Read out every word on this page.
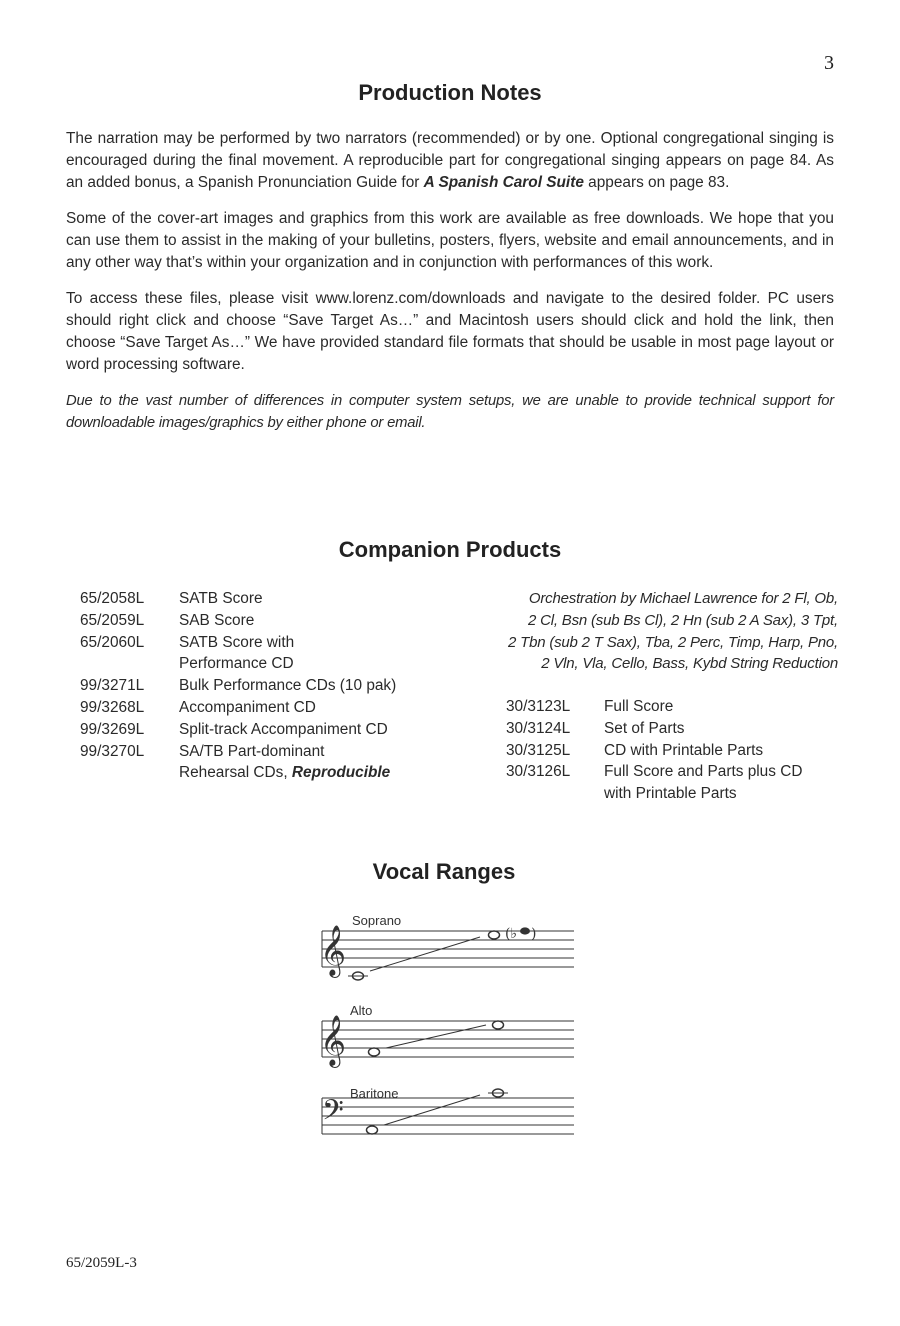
3
Production Notes

The narration may be performed by two narrators (recommended) or by one. Optional congregational singing is encouraged during the final movement. A reproducible part for congregational singing appears on page 84. As an added bonus, a Spanish Pronunciation Guide for A Spanish Carol Suite appears on page 83.

Some of the cover-art images and graphics from this work are available as free downloads. We hope that you can use them to assist in the making of your bulletins, posters, flyers, website and email announcements, and in any other way that’s within your organization and in conjunction with performances of this work.

To access these files, please visit www.lorenz.com/downloads and navigate to the desired folder. PC users should right click and choose “Save Target As…” and Macintosh users should click and hold the link, then choose “Save Target As…” We have provided standard file formats that should be usable in most page layout or word processing software.

Due to the vast number of differences in computer system setups, we are unable to provide technical support for downloadable images/graphics by either phone or email.

Companion Products
65/2058L	SATB Score
65/2059L	SAB Score
65/2060L	SATB Score with
Performance CD
99/3271L	Bulk Performance CDs (10 pak)
99/3268L	Accompaniment CD
99/3269L	Split-track Accompaniment CD
99/3270L	SA/TB Part-dominant
Rehearsal CDs, Reproducible
Orchestration by Michael Lawrence for 2 Fl, Ob,
2 Cl, Bsn (sub Bs Cl), 2 Hn (sub 2 A Sax), 3 Tpt,
2 Tbn (sub 2 T Sax), Tba, 2 Perc, Timp, Harp, Pno,
2 Vln, Vla, Cello, Bass, Kybd String Reduction
30/3123L	Full Score
30/3124L	Set of Parts
30/3125L	CD with Printable Parts
30/3126L	Full Score and Parts plus CD
with Printable Parts
Vocal Ranges
𝄞
Soprano
(♭ )
𝄞
Alto
𝄢
Baritone
65/2059L-3
